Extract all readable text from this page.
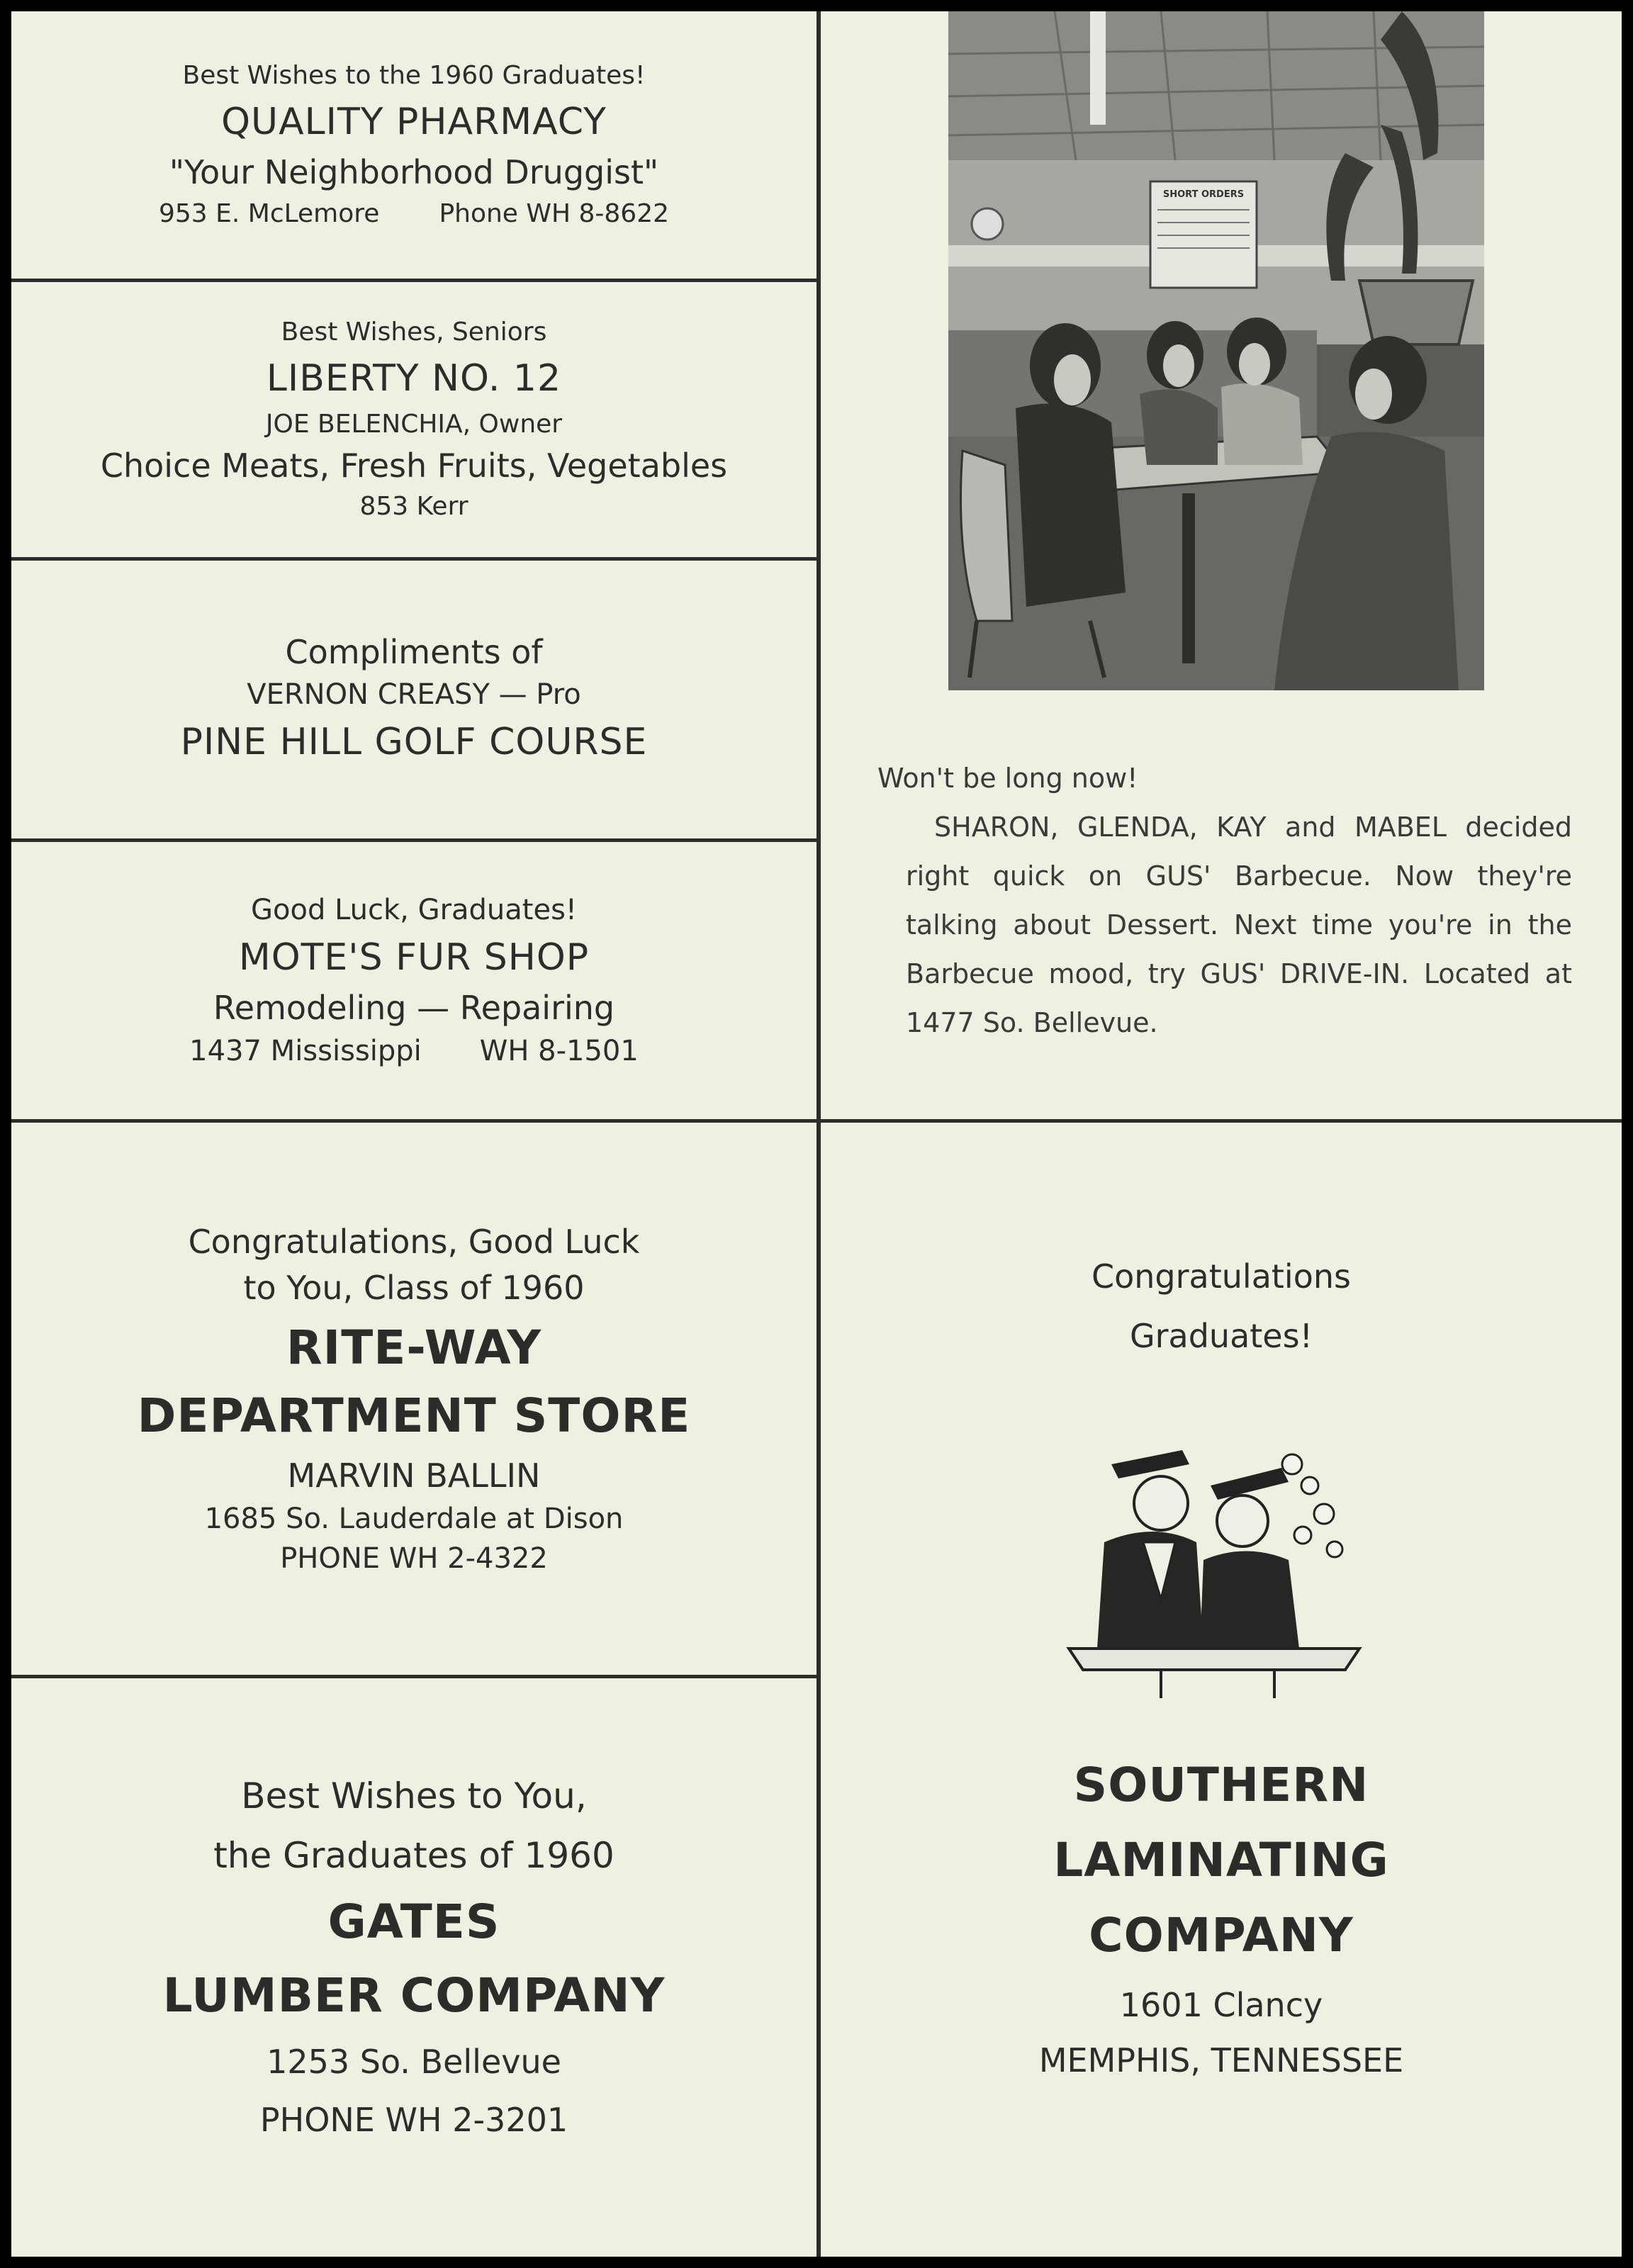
Best Wishes to the 1960 Graduates!
QUALITY PHARMACY
"Your Neighborhood Druggist"
953 E. McLemore Phone WH 8-8622
Best Wishes, Seniors
LIBERTY NO. 12
JOE BELENCHIA, Owner
Choice Meats, Fresh Fruits, Vegetables
853 Kerr
Compliments of
VERNON CREASY — Pro
PINE HILL GOLF COURSE
Good Luck, Graduates!
MOTE'S FUR SHOP
Remodeling — Repairing
1437 Mississippi WH 8-1501
Congratulations, Good Luck
to You, Class of 1960
RITE-WAY
DEPARTMENT STORE
MARVIN BALLIN
1685 So. Lauderdale at Dison
PHONE WH 2-4322
Best Wishes to You,
the Graduates of 1960
GATES
LUMBER COMPANY
1253 So. Bellevue
PHONE WH 2-3201
SHORT ORDERS
Won't be long now!
SHARON, GLENDA, KAY and MABEL decided right quick on GUS' Barbecue. Now they're talking about Dessert. Next time you're in the Barbecue mood, try GUS' DRIVE-IN. Located at 1477 So. Bellevue.
Congratulations
Graduates!
SOUTHERN
LAMINATING
COMPANY
1601 Clancy
MEMPHIS, TENNESSEE
